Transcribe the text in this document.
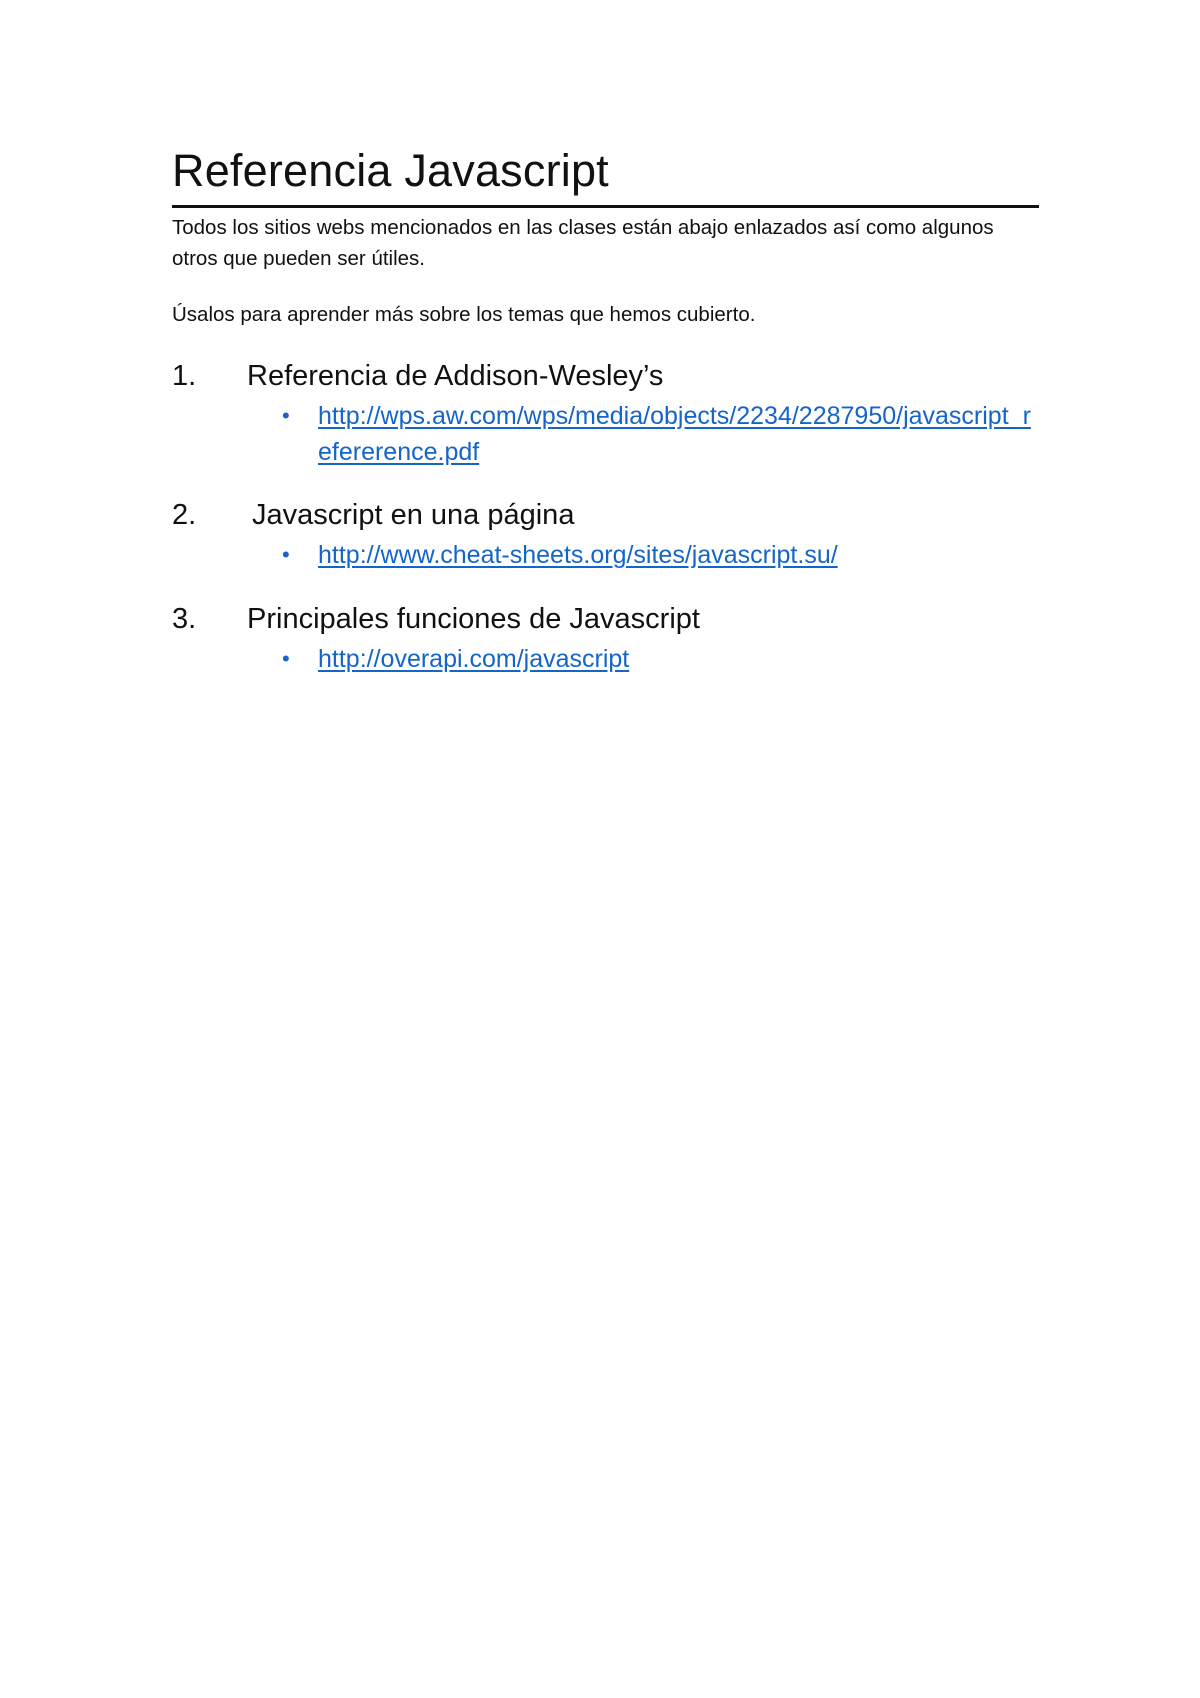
Referencia Javascript

Todos los sitios webs mencionados en las clases están abajo enlazados así como algunos otros que pueden ser útiles.

Úsalos para aprender más sobre los temas que hemos cubierto.

1. Referencia de Addison-Wesley’s
• http://wps.aw.com/wps/media/objects/2234/2287950/javascript_refererence.pdf
2. Javascript en una página
• http://www.cheat-sheets.org/sites/javascript.su/
3. Principales funciones de Javascript
• http://overapi.com/javascript
